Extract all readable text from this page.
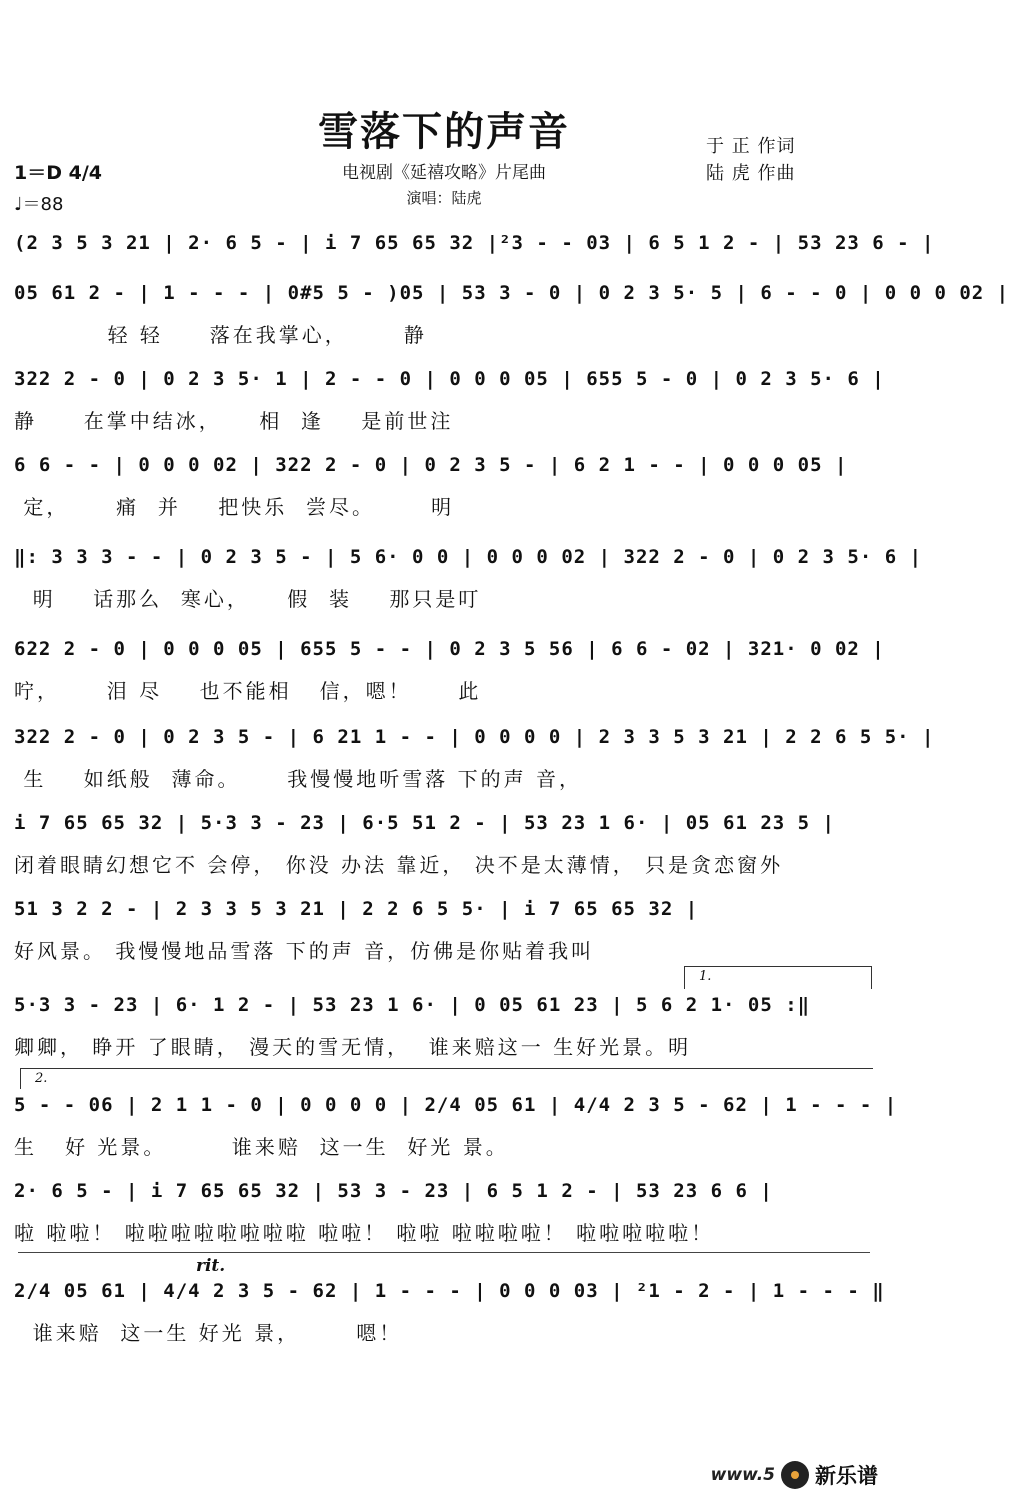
雪落下的声音
电视剧《延禧攻略》片尾曲
演唱：陆虎
于 正 作词
陆 虎 作曲
1＝D 4/4
♩＝88
(2 3 5 3 21 | 2· 6 5 - | i 7 65 65 32 |²3 - - 03 | 6 5 1 2 - | 53 23 6 - |
05 61 2 - | 1 - - - | 0#5 5 - )05 | 53 3 - 0 | 0 2 3 5· 5 | 6 - - 0 | 0 0 0 02 |
轻 轻     落在我掌心，      静
322 2 - 0 | 0 2 3 5· 1 | 2 - - 0 | 0 0 0 05 | 655 5 - 0 | 0 2 3 5· 6 |
静     在掌中结冰，    相  逢    是前世注
6 6 - - | 0 0 0 02 | 322 2 - 0 | 0 2 3 5 - | 6 2 1 - - | 0 0 0 05 |
定，     痛  并    把快乐  尝尽。      明
‖: 3 3 3 - - | 0 2 3 5 - | 5 6· 0 0 | 0 0 0 02 | 322 2 - 0 | 0 2 3 5· 6 |
明    话那么  寒心，    假  装    那只是叮
622 2 - 0 | 0 0 0 05 | 655 5 - - | 0 2 3 5 56 | 6 6 - 02 | 321· 0 02 |
咛，     泪 尽    也不能相   信，嗯！     此
322 2 - 0 | 0 2 3 5 - | 6 21 1 - - | 0 0 0 0 | 2 3 3 5 3 21 | 2 2 6 5 5· |
生    如纸般  薄命。     我慢慢地听雪落 下的声 音，
i 7 65 65 32 | 5·3 3 - 23 | 6·5 51 2 - | 53 23 1 6· | 05 61 23 5 |
闭着眼睛幻想它不 会停， 你没 办法 靠近， 决不是太薄情， 只是贪恋窗外
51 3 2 2 - | 2 3 3 5 3 21 | 2 2 6 5 5· | i 7 65 65 32 |
好风景。 我慢慢地品雪落 下的声 音，仿佛是你贴着我叫
1.
5·3 3 - 23 | 6· 1 2 - | 53 23 1 6· | 0 05 61 23 | 5 6 2 1· 05 :‖
卿卿， 睁开 了眼睛， 漫天的雪无情，  谁来赔这一 生好光景。明
2.
5 - - 06 | 2 1 1 - 0 | 0 0 0 0 | 2/4 05 61 | 4/4 2 3 5 - 62 | 1 - - - |
生   好 光景。       谁来赔  这一生  好光 景。
2· 6 5 - | i 7 65 65 32 | 53 3 - 23 | 6 5 1 2 - | 53 23 6 6 |
啦 啦啦！ 啦啦啦啦啦啦啦啦 啦啦！ 啦啦 啦啦啦啦！ 啦啦啦啦啦！
rit.
2/4 05 61 | 4/4 2 3 5 - 62 | 1 - - - | 0 0 0 03 | ²1 - 2 - | 1 - - - ‖
谁来赔  这一生 好光 景，      嗯！
www.5 新乐谱
